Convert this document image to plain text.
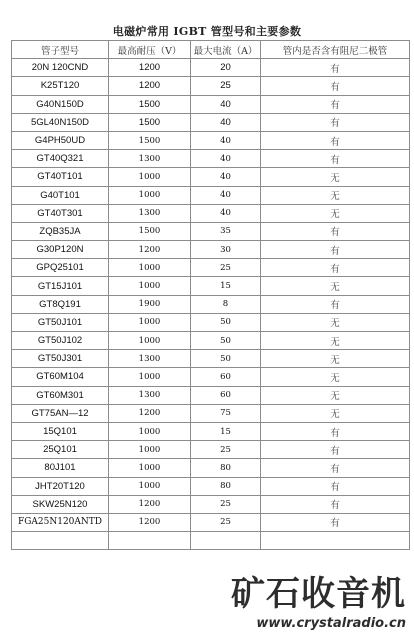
电磁炉常用 IGBT 管型号和主要参数
管子型号	最高耐压（V）	最大电流（A）	管内是否含有阻尼二极管
20N 120CND	1200	20	有
K25T120	1200	25	有
G40N150D	1500	40	有
5GL40N150D	1500	40	有
G4PH50UD	1500	40	有
GT40Q321	1300	40	有
GT40T101	1000	40	无
G40T101	1000	40	无
GT40T301	1300	40	无
ZQB35JA	1500	35	有
G30P120N	1200	30	有
GPQ25101	1000	25	有
GT15J101	1000	15	无
GT8Q191	1900	8	有
GT50J101	1000	50	无
GT50J102	1000	50	无
GT50J301	1300	50	无
GT60M104	1000	60	无
GT60M301	1300	60	无
GT75AN—12	1200	75	无
15Q101	1000	15	有
25Q101	1000	25	有
80J101	1000	80	有
JHT20T120	1000	80	有
SKW25N120	1200	25	有
FGA25N120ANTD	1200	25	有

矿石收音机
www.crystalradio.cn
